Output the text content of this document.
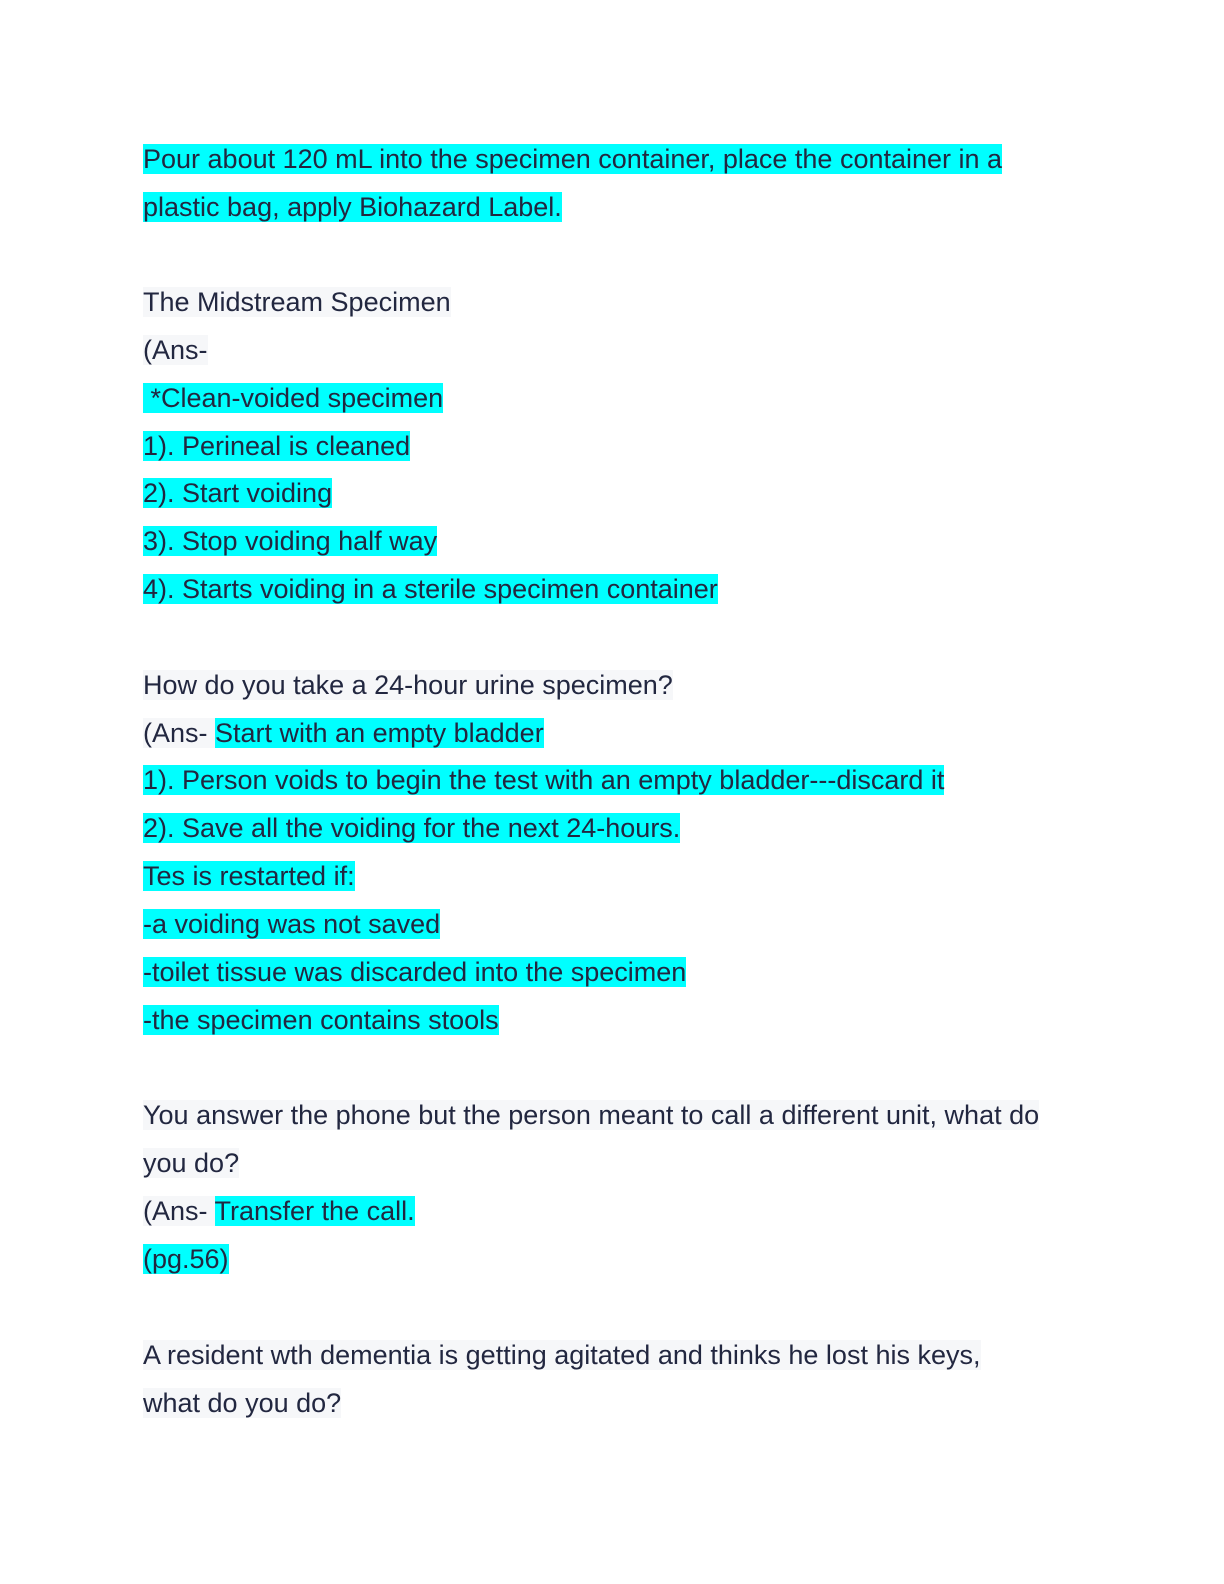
Pour about 120 mL into the specimen container, place the container in a
plastic bag, apply Biohazard Label.
The Midstream Specimen
(Ans-
*Clean-voided specimen
1). Perineal is cleaned
2). Start voiding
3). Stop voiding half way
4). Starts voiding in a sterile specimen container
How do you take a 24-hour urine specimen?
(Ans- Start with an empty bladder
1). Person voids to begin the test with an empty bladder---discard it
2). Save all the voiding for the next 24-hours.
Tes is restarted if:
-a voiding was not saved
-toilet tissue was discarded into the specimen
-the specimen contains stools
You answer the phone but the person meant to call a different unit, what do
you do?
(Ans- Transfer the call.
(pg.56)
A resident wth dementia is getting agitated and thinks he lost his keys,
what do you do?
